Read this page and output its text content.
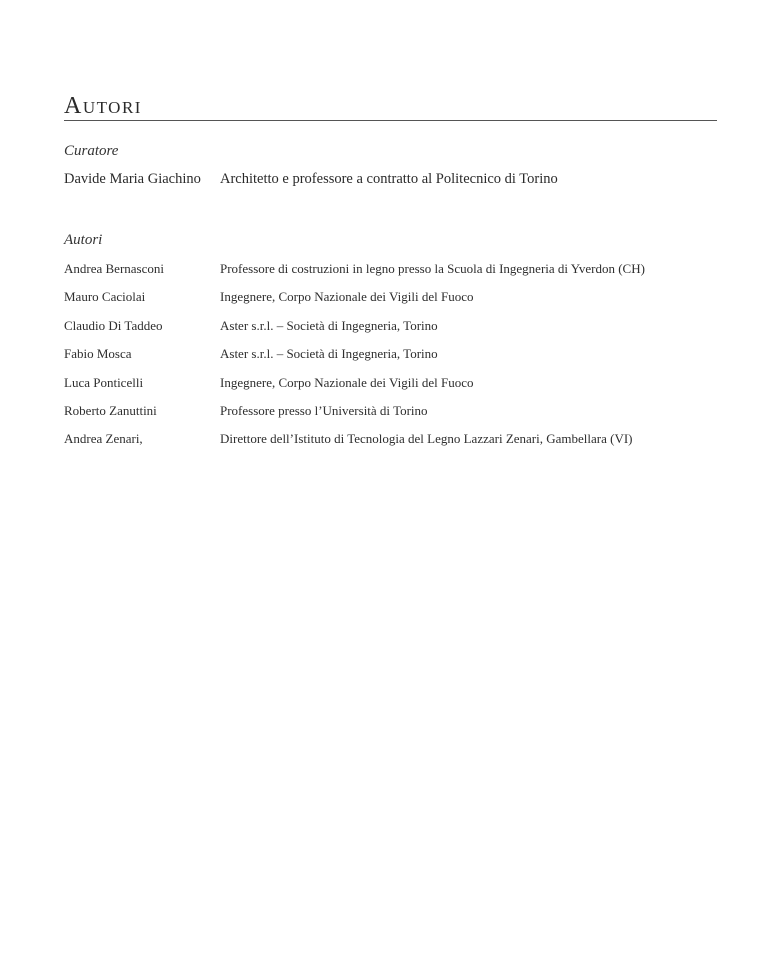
Autori
Curatore
Davide Maria Giachino Architetto e professore a contratto al Politecnico di Torino
Autori
Andrea Bernasconi	Professore di costruzioni in legno presso la Scuola di Ingegneria di Yverdon (CH)
Mauro Caciolai	Ingegnere, Corpo Nazionale dei Vigili del Fuoco
Claudio Di Taddeo	Aster s.r.l. – Società di Ingegneria, Torino
Fabio Mosca	Aster s.r.l. – Società di Ingegneria, Torino
Luca Ponticelli	Ingegnere, Corpo Nazionale dei Vigili del Fuoco
Roberto Zanuttini	Professore presso l’Università di Torino
Andrea Zenari,	Direttore dell’Istituto di Tecnologia del Legno Lazzari Zenari, Gambellara (VI)
